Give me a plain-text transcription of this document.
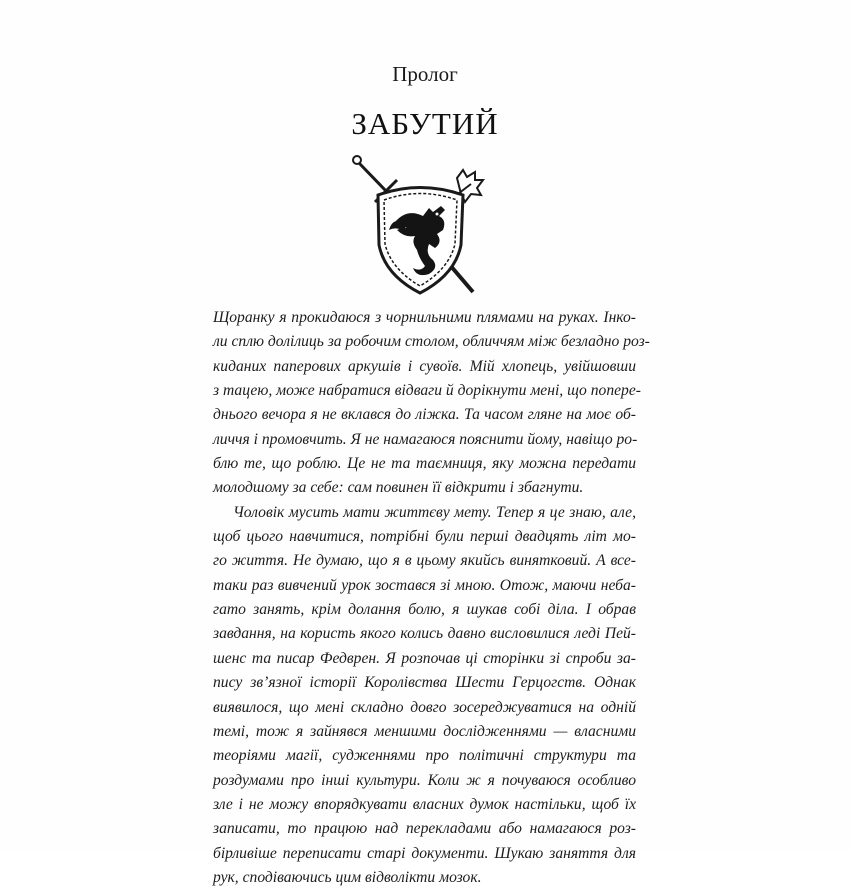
Пролог
ЗАБУТИЙ
Щоранку я прокидаюся з чорнильними плямами на руках. Інко-
ли сплю долілиць за робочим столом, обличчям між безладно роз-
киданих паперових аркушів і сувоїв. Мій хлопець, увійшовши
з тацею, може набратися відваги й дорікнути мені, що попере-
днього вечора я не вклався до ліжка. Та часом гляне на моє об-
личчя і промовчить. Я не намагаюся пояснити йому, навіщо ро-
блю те, що роблю. Це не та таємниця, яку можна передати
молодшому за себе: сам повинен її відкрити і збагнути.
Чоловік мусить мати життєву мету. Тепер я це знаю, але,
щоб цього навчитися, потрібні були перші двадцять літ мо-
го життя. Не думаю, що я в цьому якийсь винятковий. А все-
таки раз вивчений урок зостався зі мною. Отож, маючи неба-
гато занять, крім долання болю, я шукав собі діла. І обрав
завдання, на користь якого колись давно висловилися леді Пей-
шенс та писар Федврен. Я розпочав ці сторінки зі спроби за-
пису зв’язної історії Королівства Шести Герцогств. Однак
виявилося, що мені складно довго зосереджуватися на одній
темі, тож я зайнявся меншими дослідженнями — власними
теоріями магії, судженнями про політичні структури та
роздумами про інші культури. Коли ж я почуваюся особливо
зле і не можу впорядкувати власних думок настільки, щоб їх
записати, то працюю над перекладами або намагаюся роз-
бірливіше переписати старі документи. Шукаю заняття для
рук, сподіваючись цим відволікти мозок.
